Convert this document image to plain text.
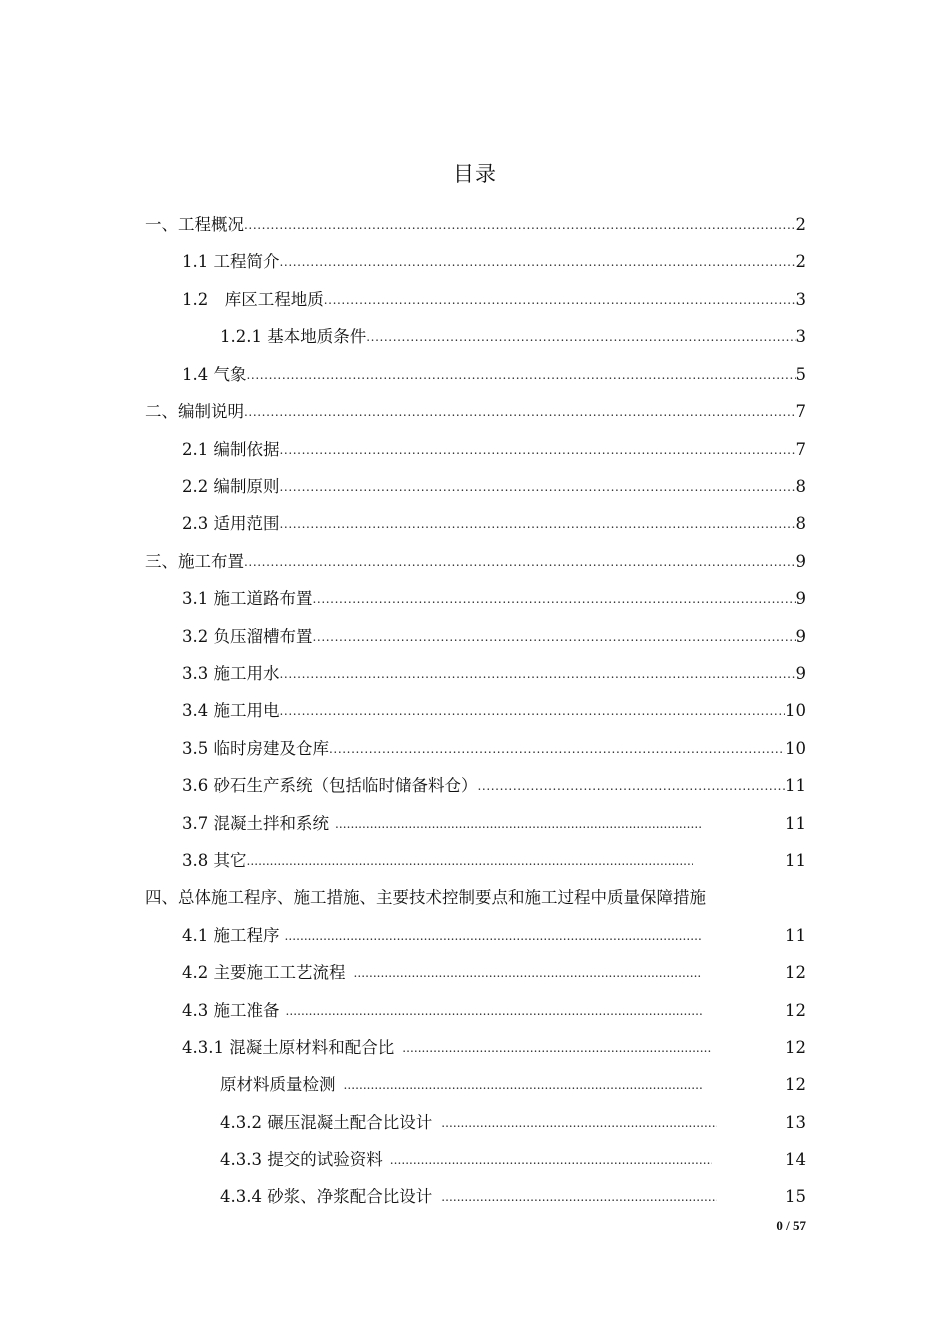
目录
一、工程概况 .....	2
1.1 工程简介 .....	2
1.2　库区工程地质 .....	3
1.2.1 基本地质条件 .....	3
1.4 气象 .....	5
二、编制说明 .....	7
2.1 编制依据 .....	7
2.2 编制原则 .....	8
2.3 适用范围 .....	8
三、施工布置 .....	9
3.1 施工道路布置 .....	9
3.2 负压溜槽布置 .....	9
3.3 施工用水 .....	9
3.4 施工用电 .....	10
3.5 临时房建及仓库 .....	10
3.6 砂石生产系统（包括临时储备料仓） .....	11
3.7 混凝土拌和系统 .....	11
3.8 其它 .....	11
四、总体施工程序、施工措施、主要技术控制要点和施工过程中质量保障措施
4.1 施工程序 .....	11
4.2 主要施工工艺流程 .....	12
4.3 施工准备 .....	12
4.3.1 混凝土原材料和配合比 .....	12
原材料质量检测 .....	12
4.3.2 碾压混凝土配合比设计 .....	13
4.3.3 提交的试验资料 .....	14
4.3.4 砂浆、净浆配合比设计 .....	15
0 / 57
